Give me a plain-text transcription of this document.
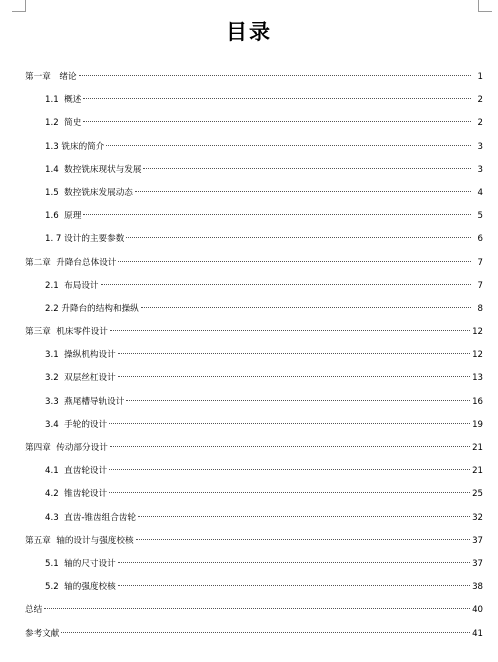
目录
第一章　绪论	1
1.1  概述	2
1.2  简史	2
1.3 铣床的简介	3
1.4  数控铣床现状与发展	3
1.5  数控铣床发展动态	4
1.6  原理	5
1. 7 设计的主要参数	6
第二章  升降台总体设计	7
2.1  布局设计	7
2.2 升降台的结构和操纵	8
第三章  机床零件设计	12
3.1  操纵机构设计	12
3.2  双层丝杠设计	13
3.3  燕尾槽导轨设计	16
3.4  手轮的设计	19
第四章  传动部分设计	21
4.1  直齿轮设计	21
4.2  锥齿轮设计	25
4.3  直齿-锥齿组合齿轮	32
第五章  轴的设计与强度校核	37
5.1  轴的尺寸设计	37
5.2  轴的强度校核	38
总结	40
参考文献	41
